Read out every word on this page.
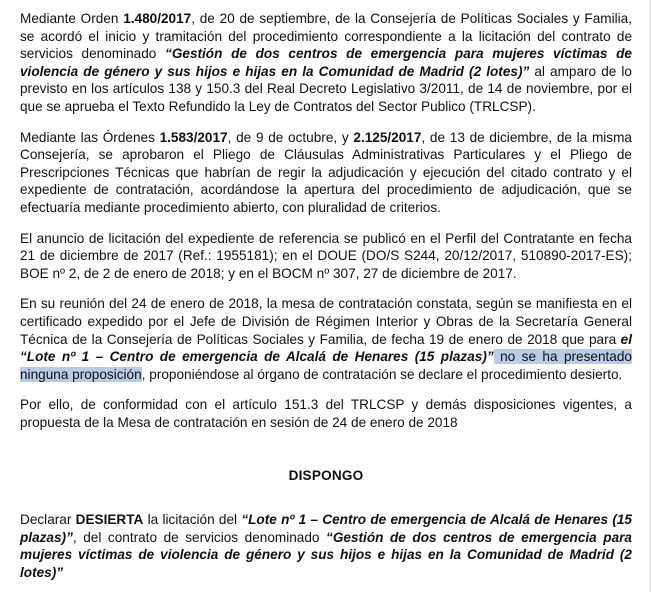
Mediante Orden 1.480/2017, de 20 de septiembre, de la Consejería de Políticas Sociales y Familia, se acordó el inicio y tramitación del procedimiento correspondiente a la licitación del contrato de servicios denominado “Gestión de dos centros de emergencia para mujeres víctimas de violencia de género y sus hijos e hijas en la Comunidad de Madrid (2 lotes)” al amparo de lo previsto en los artículos 138 y 150.3 del Real Decreto Legislativo 3/2011, de 14 de noviembre, por el que se aprueba el Texto Refundido la Ley de Contratos del Sector Publico (TRLCSP).

Mediante las Órdenes 1.583/2017, de 9 de octubre, y 2.125/2017, de 13 de diciembre, de la misma Consejería, se aprobaron el Pliego de Cláusulas Administrativas Particulares y el Pliego de Prescripciones Técnicas que habrían de regir la adjudicación y ejecución del citado contrato y el expediente de contratación, acordándose la apertura del procedimiento de adjudicación, que se efectuaría mediante procedimiento abierto, con pluralidad de criterios.

El anuncio de licitación del expediente de referencia se publicó en el Perfil del Contratante en fecha 21 de diciembre de 2017 (Ref.: 1955181); en el DOUE (DO/S S244, 20/12/2017, 510890-2017-ES); BOE nº 2, de 2 de enero de 2018; y en el BOCM nº 307, 27 de diciembre de 2017.

En su reunión del 24 de enero de 2018, la mesa de contratación constata, según se manifiesta en el certificado expedido por el Jefe de División de Régimen Interior y Obras de la Secretaría General Técnica de la Consejería de Políticas Sociales y Familia, de fecha 19 de enero de 2018 que para el “Lote nº 1 – Centro de emergencia de Alcalá de Henares (15 plazas)” no se ha presentado ninguna proposición, proponiéndose al órgano de contratación se declare el procedimiento desierto.

Por ello, de conformidad con el artículo 151.3 del TRLCSP y demás disposiciones vigentes, a propuesta de la Mesa de contratación en sesión de 24 de enero de 2018

DISPONGO

Declarar DESIERTA la licitación del “Lote nº 1 – Centro de emergencia de Alcalá de Henares (15 plazas)”, del contrato de servicios denominado “Gestión de dos centros de emergencia para mujeres víctimas de violencia de género y sus hijos e hijas en la Comunidad de Madrid (2 lotes)”
